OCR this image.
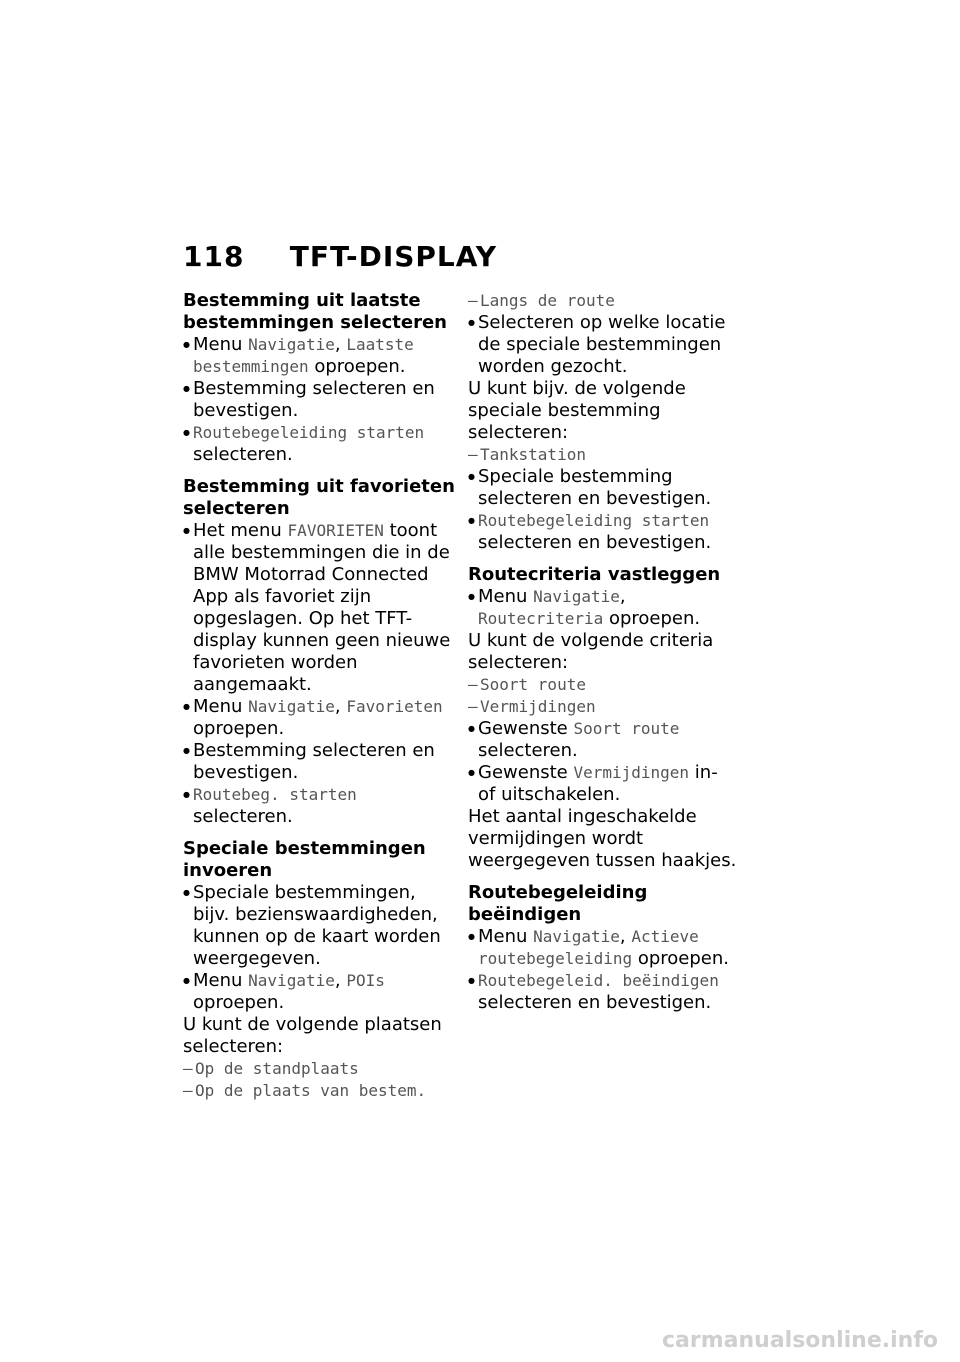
118 TFT-DISPLAY

Bestemming uit laatste bestemmingen selecteren

● Menu Navigatie, Laatste bestemmingen oproepen.
● Bestemming selecteren en bevestigen.
● Routebegeleiding starten selecteren.

Bestemming uit favorieten selecteren

● Het menu FAVORIETEN toont alle bestemmingen die in de BMW Motorrad Connected App als favoriet zijn opgeslagen. Op het TFT-display kunnen geen nieuwe favorieten worden aangemaakt.
● Menu Navigatie, Favorieten oproepen.
● Bestemming selecteren en bevestigen.
● Routebeg. starten selecteren.

Speciale bestemmingen invoeren

● Speciale bestemmingen, bijv. bezienswaardigheden, kunnen op de kaart worden weergegeven.
● Menu Navigatie, POIs oproepen.
U kunt de volgende plaatsen selecteren:
– Op de standplaats
– Op de plaats van bestem.
– Langs de route
● Selecteren op welke locatie de speciale bestemmingen worden gezocht.
U kunt bijv. de volgende speciale bestemming selecteren:
– Tankstation
● Speciale bestemming selecteren en bevestigen.
● Routebegeleiding starten selecteren en bevestigen.

Routecriteria vastleggen

● Menu Navigatie, Routecriteria oproepen.
U kunt de volgende criteria selecteren:
– Soort route
– Vermijdingen
● Gewenste Soort route selecteren.
● Gewenste Vermijdingen in- of uitschakelen.
Het aantal ingeschakelde vermijdingen wordt weergegeven tussen haakjes.

Routebegeleiding beëindigen

● Menu Navigatie, Actieve routebegeleiding oproepen.
● Routebegeleid. beëindigen selecteren en bevestigen.
carmanualsonline.info
